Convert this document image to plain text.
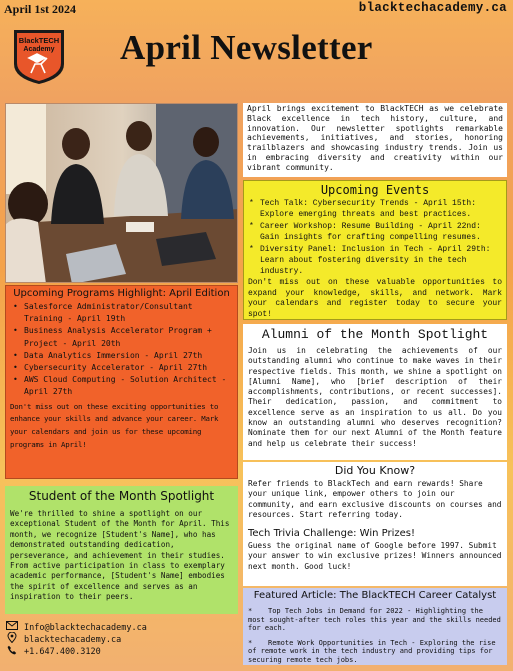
April 1st 2024	blacktechacademy.ca
BlackTECH
Academy April Newsletter

April brings excitement to BlackTECH as we celebrate Black excellence in tech history, culture, and innovation. Our newsletter spotlights remarkable achievements, initiatives, and stories, honoring trailblazers and showcasing industry trends. Join us in embracing diversity and creativity within our vibrant community.

Upcoming Events
* Tech Talk: Cybersecurity Trends - April 15th: Explore emerging threats and best practices.
* Career Workshop: Resume Building - April 22nd: Gain insights for crafting compelling resumes.
* Diversity Panel: Inclusion in Tech - April 29th: Learn about fostering diversity in the tech industry.

Don't miss out on these valuable opportunities to expand your knowledge, skills, and network. Mark your calendars and register today to secure your spot!

Upcoming Programs Highlight: April Edition
• Salesforce Administrator/Consultant Training - April 19th
• Business Analysis Accelerator Program + Project - April 20th
• Data Analytics Immersion - April 27th
• Cybersecurity Accelerator - April 27th
• AWS Cloud Computing - Solution Architect - April 27th

Don't miss out on these exciting opportunities to enhance your skills and advance your career. Mark your calendars and join us for these upcoming programs in April!

Alumni of the Month Spotlight

Join us in celebrating the achievements of our outstanding alumni who continue to make waves in their respective fields. This month, we shine a spotlight on [Alumni Name], who [brief description of their accomplishments, contributions, or recent successes]. Their dedication, passion, and commitment to excellence serve as an inspiration to us all. Do you know an outstanding alumni who deserves recognition? Nominate them for our next Alumni of the Month feature and help us celebrate their success!

Did You Know?

Refer friends to BlackTech and earn rewards! Share your unique link, empower others to join our community, and earn exclusive discounts on courses and resources. Start referring today.

Tech Trivia Challenge: Win Prizes!

Guess the original name of Google before 1997. Submit your answer to win exclusive prizes! Winners announced next month. Good luck!

Student of the Month Spotlight

We're thrilled to shine a spotlight on our exceptional Student of the Month for April. This month, we recognize [Student's Name], who has demonstrated outstanding dedication, perseverance, and achievement in their studies. From active participation in class to exemplary academic performance, [Student's Name] embodies the spirit of excellence and serves as an inspiration to their peers.	Featured Article: The BlackTECH Career Catalyst
* Top Tech Jobs in Demand for 2022 - Highlighting the most sought-after tech roles this year and the skills needed for each.
* Remote Work Opportunities in Tech - Exploring the rise of remote work in the tech industry and providing tips for securing remote tech jobs.
Info@blacktechacademy.ca
blacktechacademy.ca
+1.647.400.3120
